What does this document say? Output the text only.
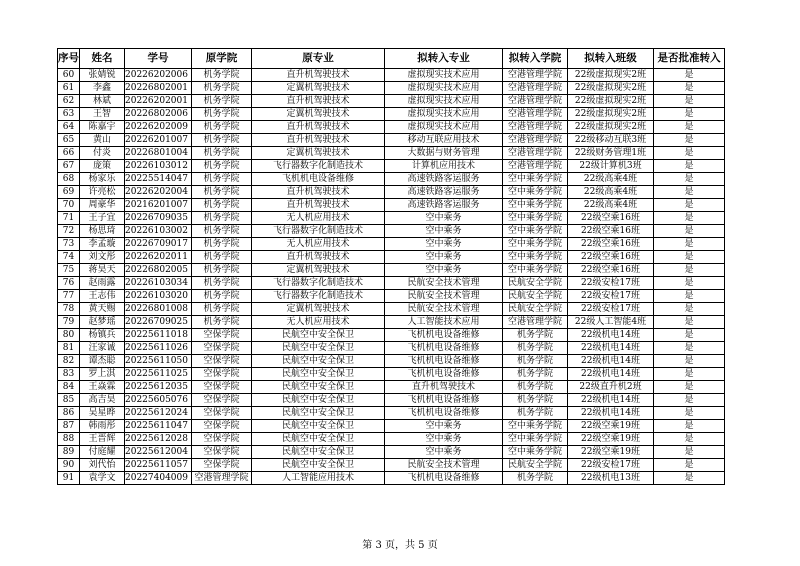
序号	姓名	学号	原学院	原专业	拟转入专业	拟转入学院	拟转入班级	是否批准转入
60	张婧锐	20226202006	机务学院	直升机驾驶技术	虚拟现实技术应用	空港管理学院	22级虚拟现实2班	是
61	李鑫	20226802001	机务学院	定翼机驾驶技术	虚拟现实技术应用	空港管理学院	22级虚拟现实2班	是
62	林斌	20226202001	机务学院	直升机驾驶技术	虚拟现实技术应用	空港管理学院	22级虚拟现实2班	是
63	王智	20226802006	机务学院	定翼机驾驶技术	虚拟现实技术应用	空港管理学院	22级虚拟现实2班	是
64	陈嘉宇	20226202009	机务学院	直升机驾驶技术	虚拟现实技术应用	空港管理学院	22级虚拟现实2班	是
65	黄山	20226201007	机务学院	直升机驾驶技术	移动互联应用技术	空港管理学院	22级移动互联3班	是
66	付炎	20226801004	机务学院	定翼机驾驶技术	大数据与财务管理	空港管理学院	22级财务管理1班	是
67	庞策	20226103012	机务学院	飞行器数字化制造技术	计算机应用技术	空港管理学院	22级计算机3班	是
68	杨家乐	20225514047	机务学院	飞机机电设备维修	高速铁路客运服务	空中乘务学院	22级高乘4班	是
69	许亮松	20226202004	机务学院	直升机驾驶技术	高速铁路客运服务	空中乘务学院	22级高乘4班	是
70	周豪华	20216201007	机务学院	直升机驾驶技术	高速铁路客运服务	空中乘务学院	22级高乘4班	是
71	王子宜	20226709035	机务学院	无人机应用技术	空中乘务	空中乘务学院	22级空乘16班	是
72	杨思琦	20226103002	机务学院	飞行器数字化制造技术	空中乘务	空中乘务学院	22级空乘16班	是
73	李孟璇	20226709017	机务学院	无人机应用技术	空中乘务	空中乘务学院	22级空乘16班	是
74	刘文彤	20226202011	机务学院	直升机驾驶技术	空中乘务	空中乘务学院	22级空乘16班	是
75	蒋昊天	20226802005	机务学院	定翼机驾驶技术	空中乘务	空中乘务学院	22级空乘16班	是
76	赵雨露	20226103034	机务学院	飞行器数字化制造技术	民航安全技术管理	民航安全学院	22级安检17班	是
77	王志伟	20226103020	机务学院	飞行器数字化制造技术	民航安全技术管理	民航安全学院	22级安检17班	是
78	黄天赐	20226801008	机务学院	定翼机驾驶技术	民航安全技术管理	民航安全学院	22级安检17班	是
79	赵梦瑶	20226709025	机务学院	无人机应用技术	人工智能技术应用	空港管理学院	22级人工智能4班	是
80	杨镇兵	20225611018	空保学院	民航空中安全保卫	飞机机电设备维修	机务学院	22级机电14班	是
81	汪家诚	20225611026	空保学院	民航空中安全保卫	飞机机电设备维修	机务学院	22级机电14班	是
82	谭杰聪	20225611050	空保学院	民航空中安全保卫	飞机机电设备维修	机务学院	22级机电14班	是
83	罗上淇	20225611025	空保学院	民航空中安全保卫	飞机机电设备维修	机务学院	22级机电14班	是
84	王焱霖	20225612035	空保学院	民航空中安全保卫	直升机驾驶技术	机务学院	22级直升机2班	是
85	高吉昊	20225605076	空保学院	民航空中安全保卫	飞机机电设备维修	机务学院	22级机电14班	是
86	吴星晔	20225612024	空保学院	民航空中安全保卫	飞机机电设备维修	机务学院	22级机电14班	是
87	韩雨彤	20225611047	空保学院	民航空中安全保卫	空中乘务	空中乘务学院	22级空乘19班	是
88	王晋辉	20225612028	空保学院	民航空中安全保卫	空中乘务	空中乘务学院	22级空乘19班	是
89	付庭耀	20225612004	空保学院	民航空中安全保卫	空中乘务	空中乘务学院	22级空乘19班	是
90	刘代怡	20225611057	空保学院	民航空中安全保卫	民航安全技术管理	民航安全学院	22级安检17班	是
91	袁学文	20227404009	空港管理学院	人工智能应用技术	飞机机电设备维修	机务学院	22级机电13班	是
第 3 页，共 5 页
